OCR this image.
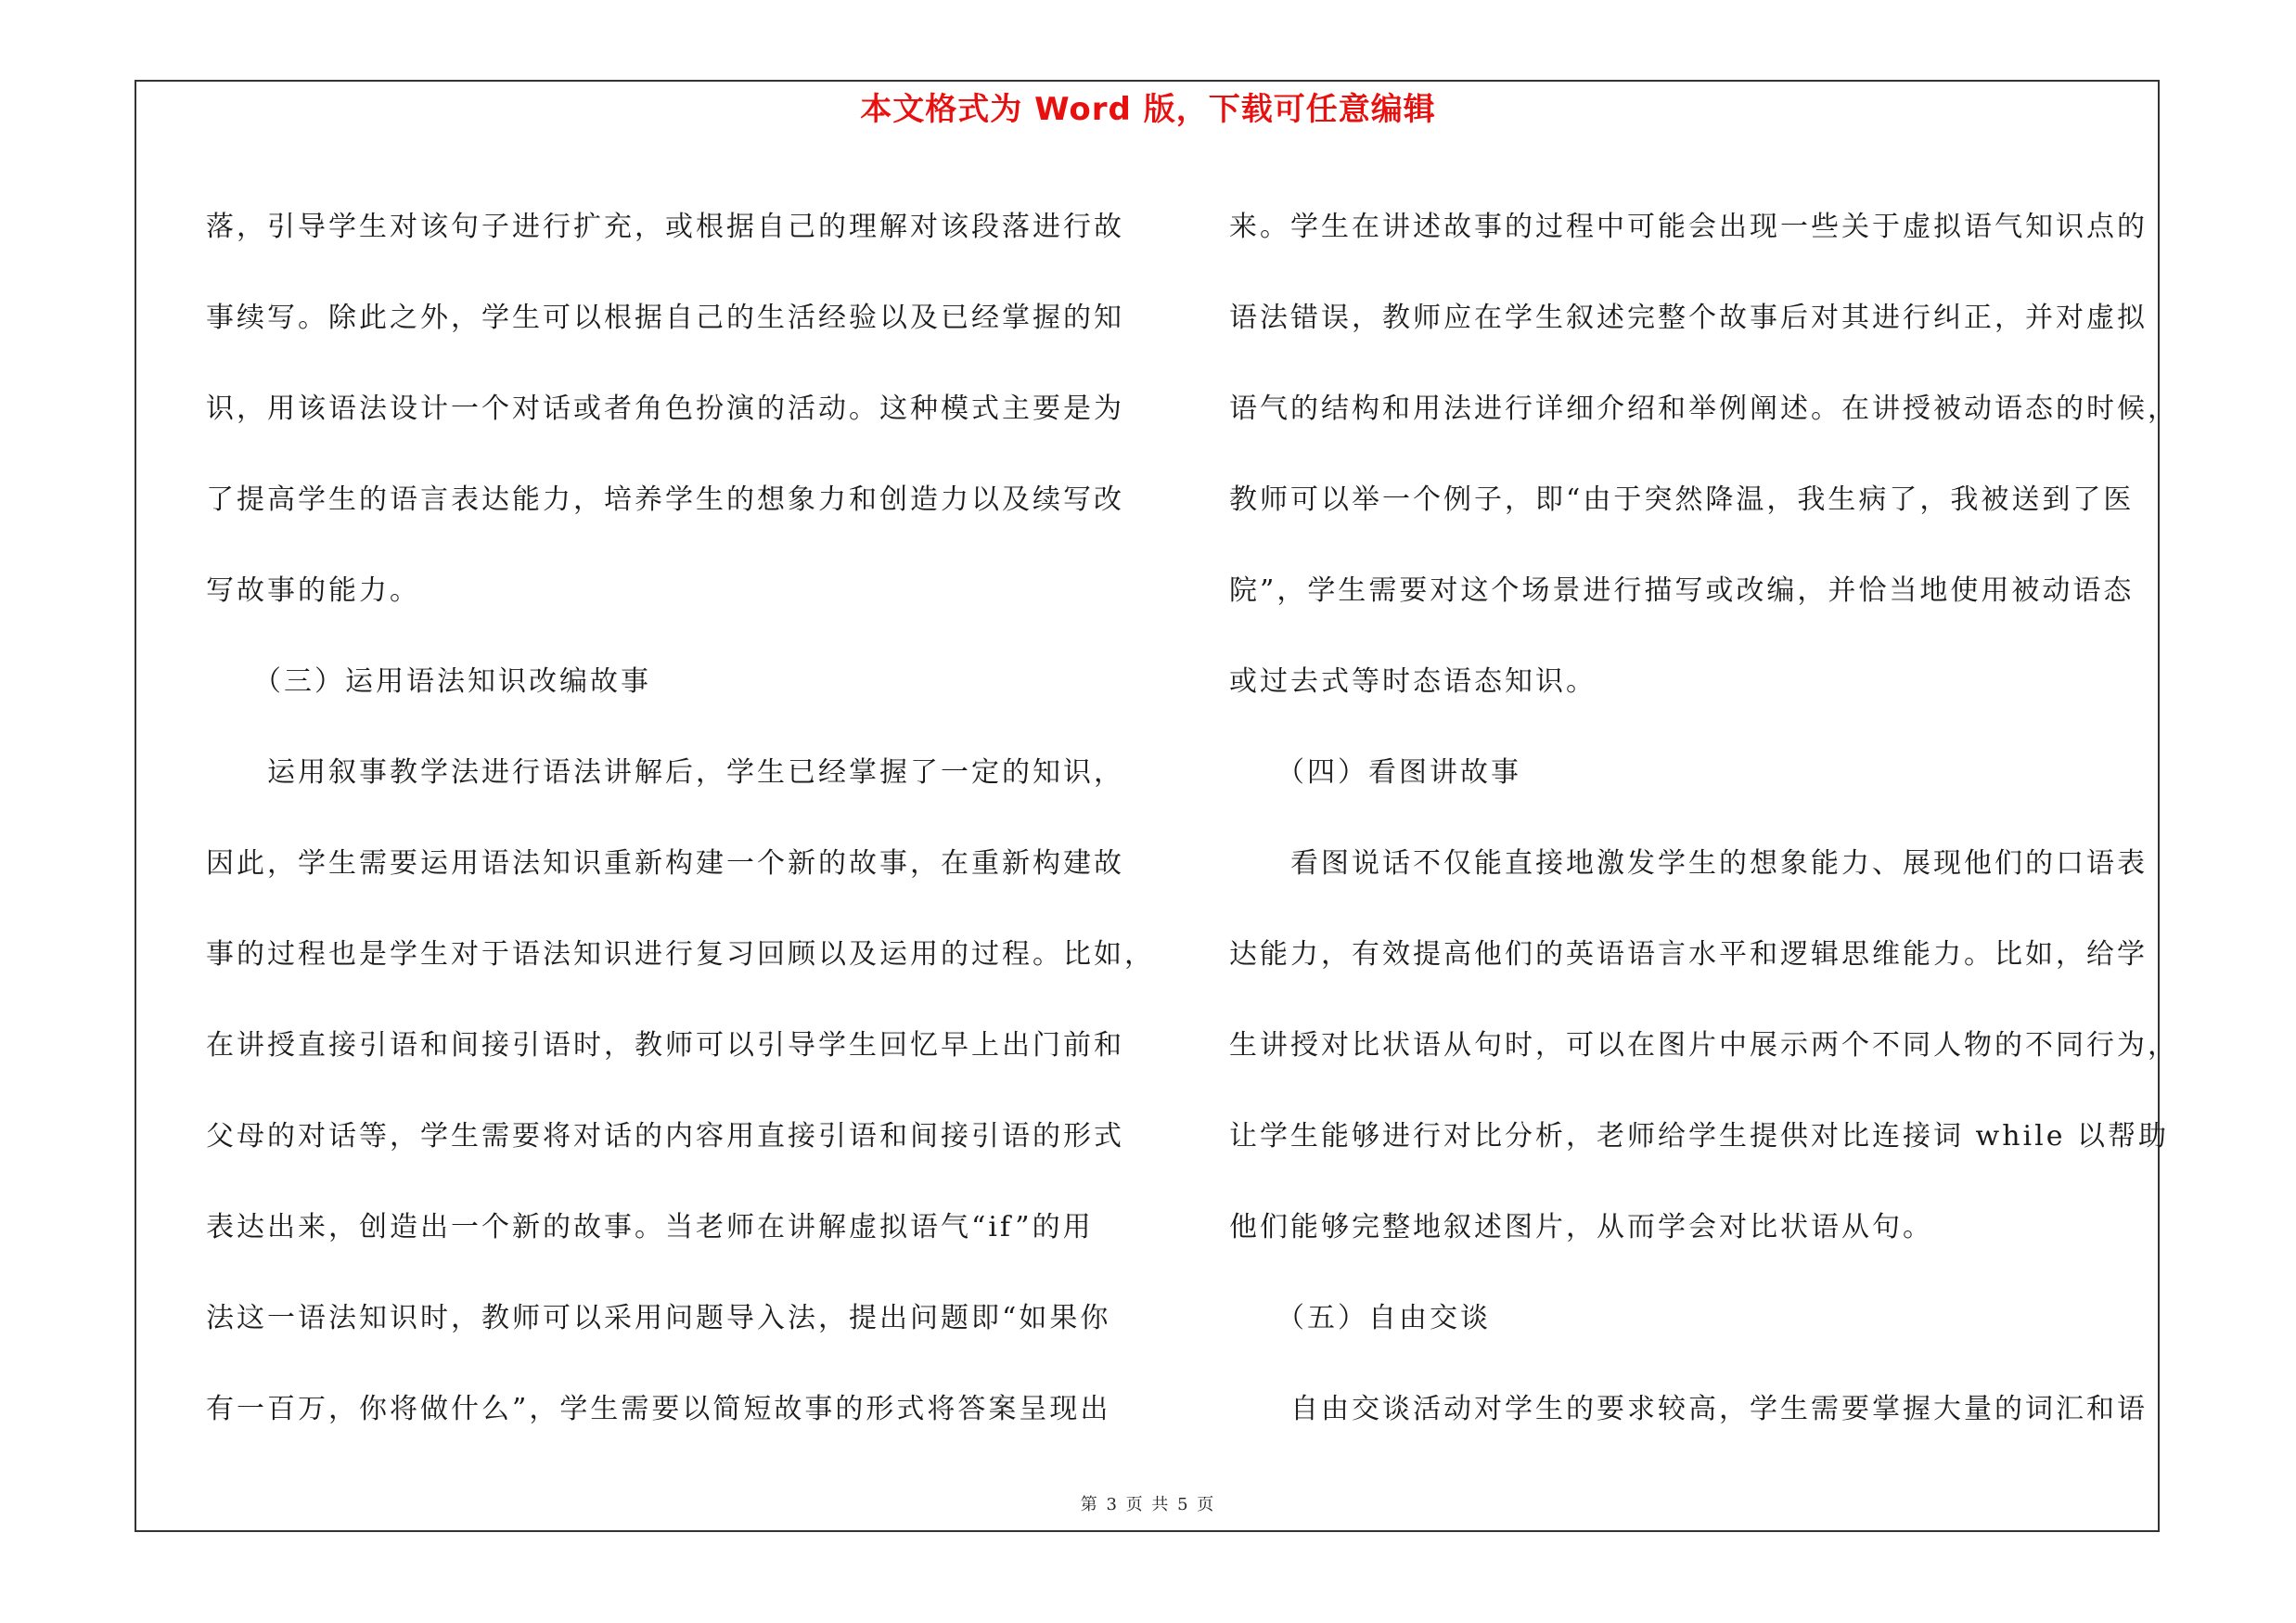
本文格式为 Word 版，下载可任意编辑
落，引导学生对该句子进行扩充，或根据自己的理解对该段落进行故
事续写。除此之外，学生可以根据自己的生活经验以及已经掌握的知
识，用该语法设计一个对话或者角色扮演的活动。这种模式主要是为
了提高学生的语言表达能力，培养学生的想象力和创造力以及续写改
写故事的能力。
　　（三）运用语法知识改编故事
　　运用叙事教学法进行语法讲解后，学生已经掌握了一定的知识，
因此，学生需要运用语法知识重新构建一个新的故事，在重新构建故
事的过程也是学生对于语法知识进行复习回顾以及运用的过程。比如，
在讲授直接引语和间接引语时，教师可以引导学生回忆早上出门前和
父母的对话等，学生需要将对话的内容用直接引语和间接引语的形式
表达出来，创造出一个新的故事。当老师在讲解虚拟语气“if”的用
法这一语法知识时，教师可以采用问题导入法，提出问题即“如果你
有一百万，你将做什么”，学生需要以简短故事的形式将答案呈现出
来。学生在讲述故事的过程中可能会出现一些关于虚拟语气知识点的
语法错误，教师应在学生叙述完整个故事后对其进行纠正，并对虚拟
语气的结构和用法进行详细介绍和举例阐述。在讲授被动语态的时候，
教师可以举一个例子，即“由于突然降温，我生病了，我被送到了医
院”，学生需要对这个场景进行描写或改编，并恰当地使用被动语态
或过去式等时态语态知识。
　　（四）看图讲故事
　　看图说话不仅能直接地激发学生的想象能力、展现他们的口语表
达能力，有效提高他们的英语语言水平和逻辑思维能力。比如，给学
生讲授对比状语从句时，可以在图片中展示两个不同人物的不同行为，
让学生能够进行对比分析，老师给学生提供对比连接词 while 以帮助
他们能够完整地叙述图片，从而学会对比状语从句。
　　（五）自由交谈
　　自由交谈活动对学生的要求较高，学生需要掌握大量的词汇和语
第 3 页 共 5 页
